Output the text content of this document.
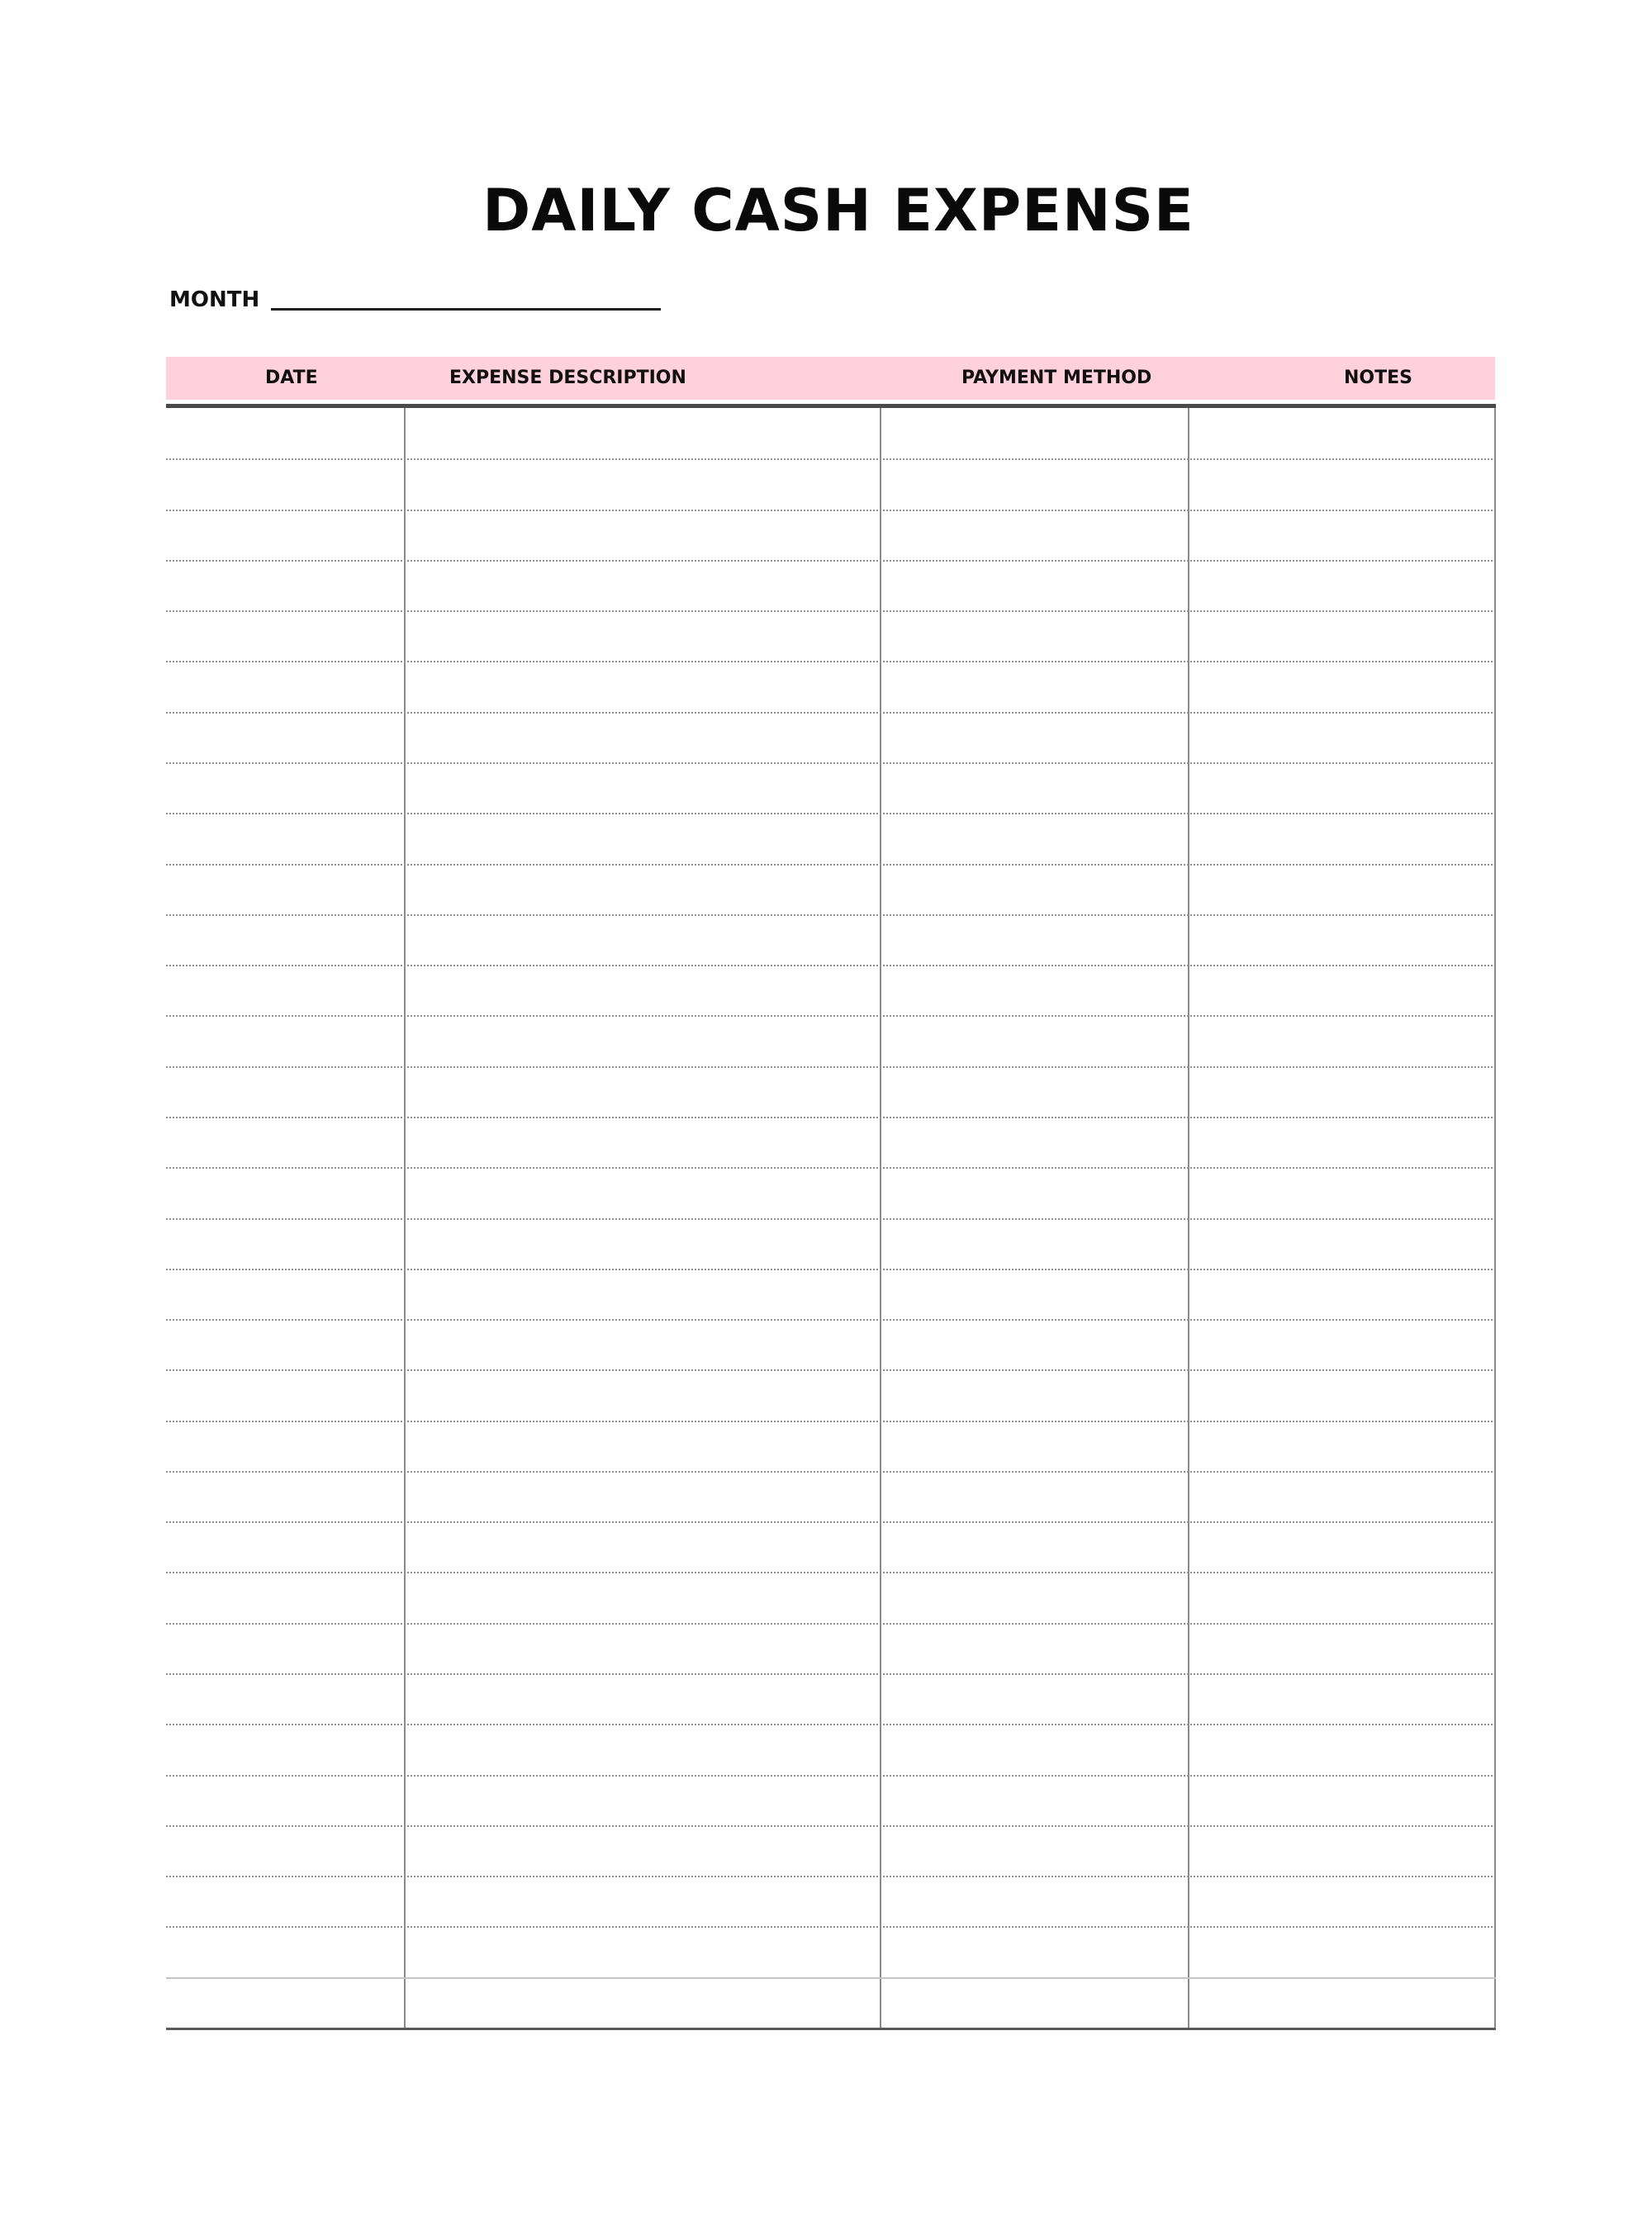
DAILY CASH EXPENSE
MONTH
DATE	EXPENSE DESCRIPTION	PAYMENT METHOD	NOTES
